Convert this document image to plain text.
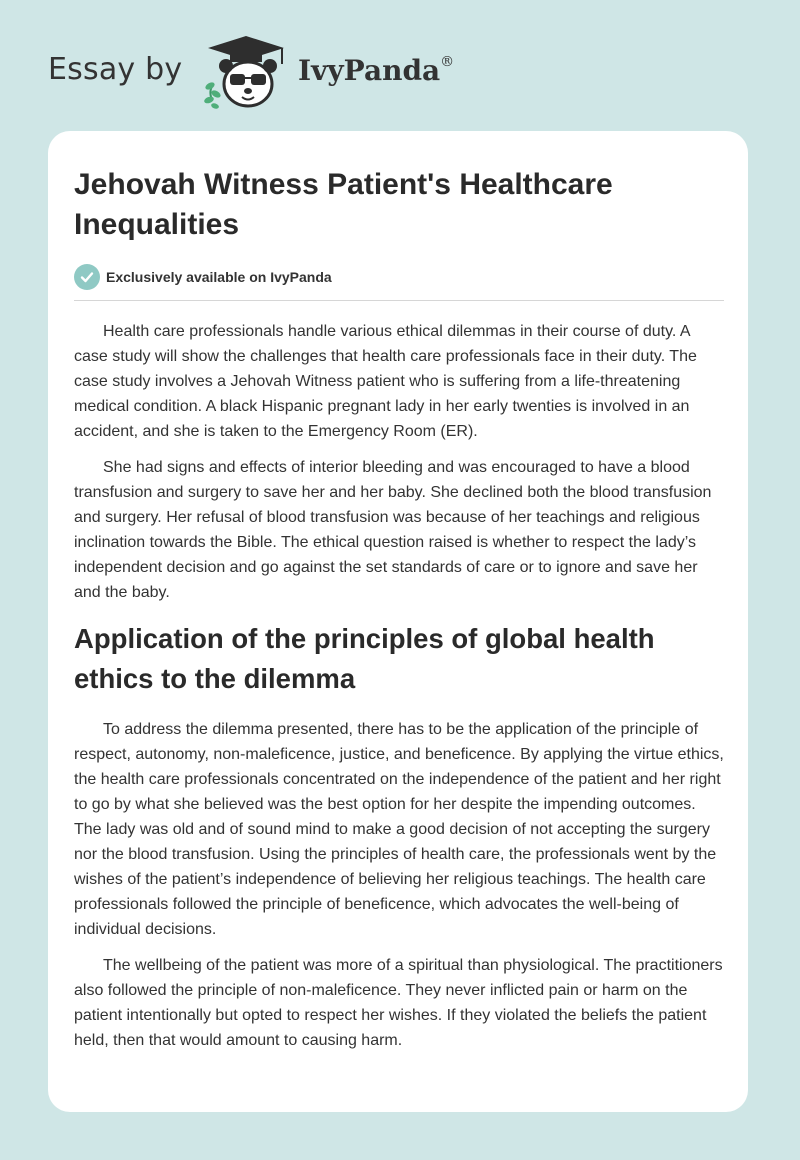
Essay by	IvyPanda®
Jehovah Witness Patient's Healthcare Inequalities
Exclusively available on IvyPanda

Health care professionals handle various ethical dilemmas in their course of duty. A case study will show the challenges that health care professionals face in their duty. The case study involves a Jehovah Witness patient who is suffering from a life-threatening medical condition. A black Hispanic pregnant lady in her early twenties is involved in an accident, and she is taken to the Emergency Room (ER).

She had signs and effects of interior bleeding and was encouraged to have a blood transfusion and surgery to save her and her baby. She declined both the blood transfusion and surgery. Her refusal of blood transfusion was because of her teachings and religious inclination towards the Bible. The ethical question raised is whether to respect the lady’s independent decision and go against the set standards of care or to ignore and save her and the baby.

Application of the principles of global health ethics to the dilemma

To address the dilemma presented, there has to be the application of the principle of respect, autonomy, non-maleficence, justice, and beneficence. By applying the virtue ethics, the health care professionals concentrated on the independence of the patient and her right to go by what she believed was the best option for her despite the impending outcomes. The lady was old and of sound mind to make a good decision of not accepting the surgery nor the blood transfusion. Using the principles of health care, the professionals went by the wishes of the patient’s independence of believing her religious teachings. The health care professionals followed the principle of beneficence, which advocates the well-being of individual decisions.

The wellbeing of the patient was more of a spiritual than physiological. The practitioners also followed the principle of non-maleficence. They never inflicted pain or harm on the patient intentionally but opted to respect her wishes. If they violated the beliefs the patient held, then that would amount to causing harm.
